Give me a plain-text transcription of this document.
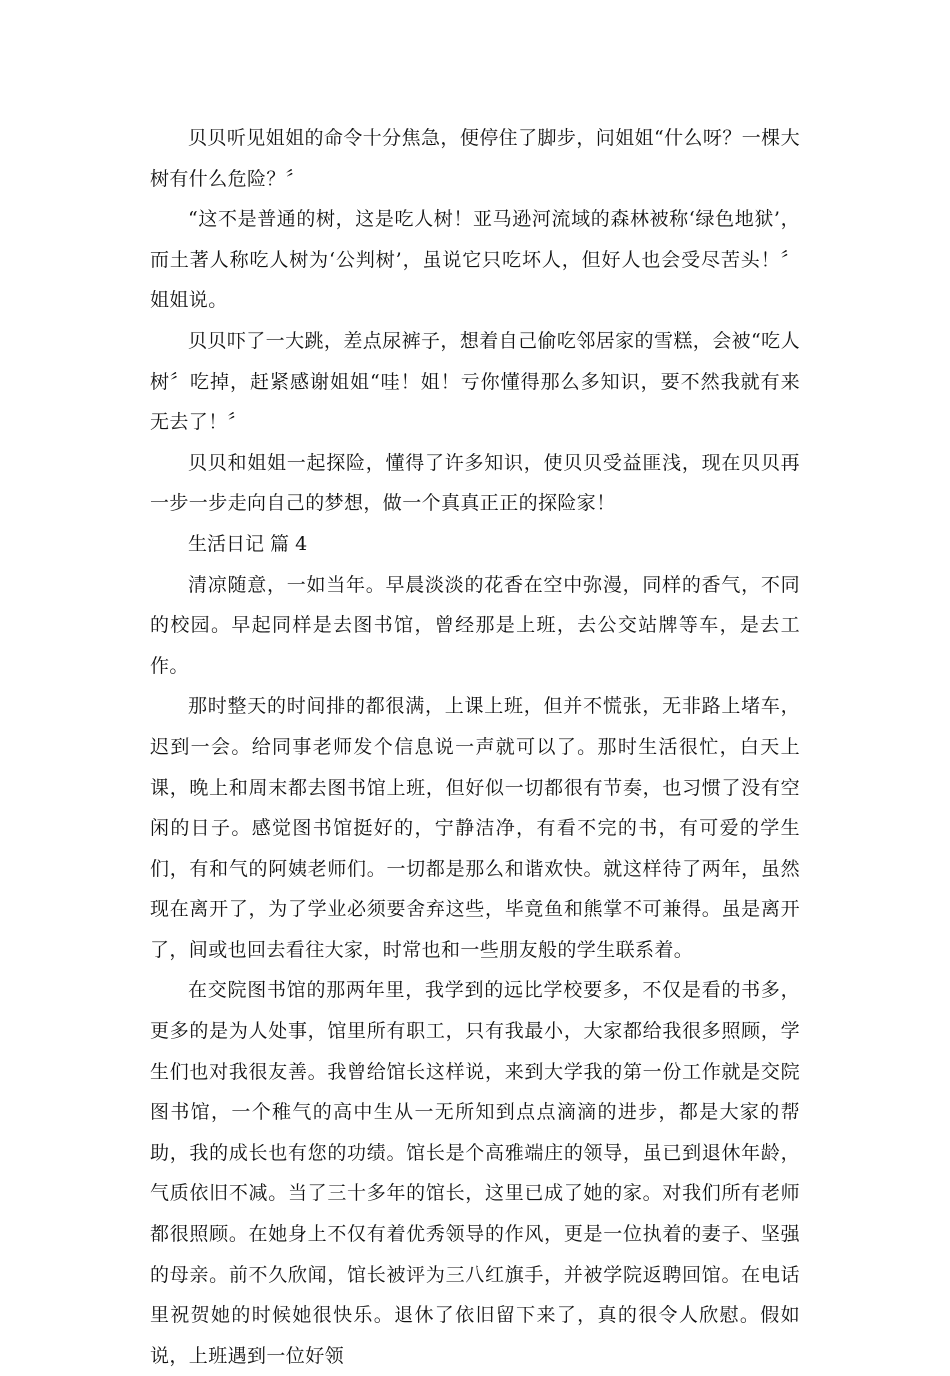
贝贝听见姐姐的命令十分焦急，便停住了脚步，问姐姐“什么呀？一棵大树有什么危险？〞

“这不是普通的树，这是吃人树！亚马逊河流域的森林被称‘绿色地狱’，而土著人称吃人树为‘公判树’，虽说它只吃坏人，但好人也会受尽苦头！〞姐姐说。

贝贝吓了一大跳，差点尿裤子，想着自己偷吃邻居家的雪糕，会被“吃人树〞吃掉，赶紧感谢姐姐“哇！姐！亏你懂得那么多知识，要不然我就有来无去了！〞

贝贝和姐姐一起探险，懂得了许多知识，使贝贝受益匪浅，现在贝贝再一步一步走向自己的梦想，做一个真真正正的探险家！

生活日记 篇 4

清凉随意，一如当年。早晨淡淡的花香在空中弥漫，同样的香气，不同的校园。早起同样是去图书馆，曾经那是上班，去公交站牌等车，是去工作。

那时整天的时间排的都很满，上课上班，但并不慌张，无非路上堵车，迟到一会。给同事老师发个信息说一声就可以了。那时生活很忙，白天上课，晚上和周末都去图书馆上班，但好似一切都很有节奏，也习惯了没有空闲的日子。感觉图书馆挺好的，宁静洁净，有看不完的书，有可爱的学生们，有和气的阿姨老师们。一切都是那么和谐欢快。就这样待了两年，虽然现在离开了，为了学业必须要舍弃这些，毕竟鱼和熊掌不可兼得。虽是离开了，间或也回去看往大家，时常也和一些朋友般的学生联系着。

在交院图书馆的那两年里，我学到的远比学校要多，不仅是看的书多，更多的是为人处事，馆里所有职工，只有我最小，大家都给我很多照顾，学生们也对我很友善。我曾给馆长这样说，来到大学我的第一份工作就是交院图书馆，一个稚气的高中生从一无所知到点点滴滴的进步，都是大家的帮助，我的成长也有您的功绩。馆长是个高雅端庄的领导，虽已到退休年龄，气质依旧不减。当了三十多年的馆长，这里已成了她的家。对我们所有老师都很照顾。在她身上不仅有着优秀领导的作风，更是一位执着的妻子、坚强的母亲。前不久欣闻，馆长被评为三八红旗手，并被学院返聘回馆。在电话里祝贺她的时候她很快乐。退休了依旧留下来了，真的很令人欣慰。假如说，上班遇到一位好领
